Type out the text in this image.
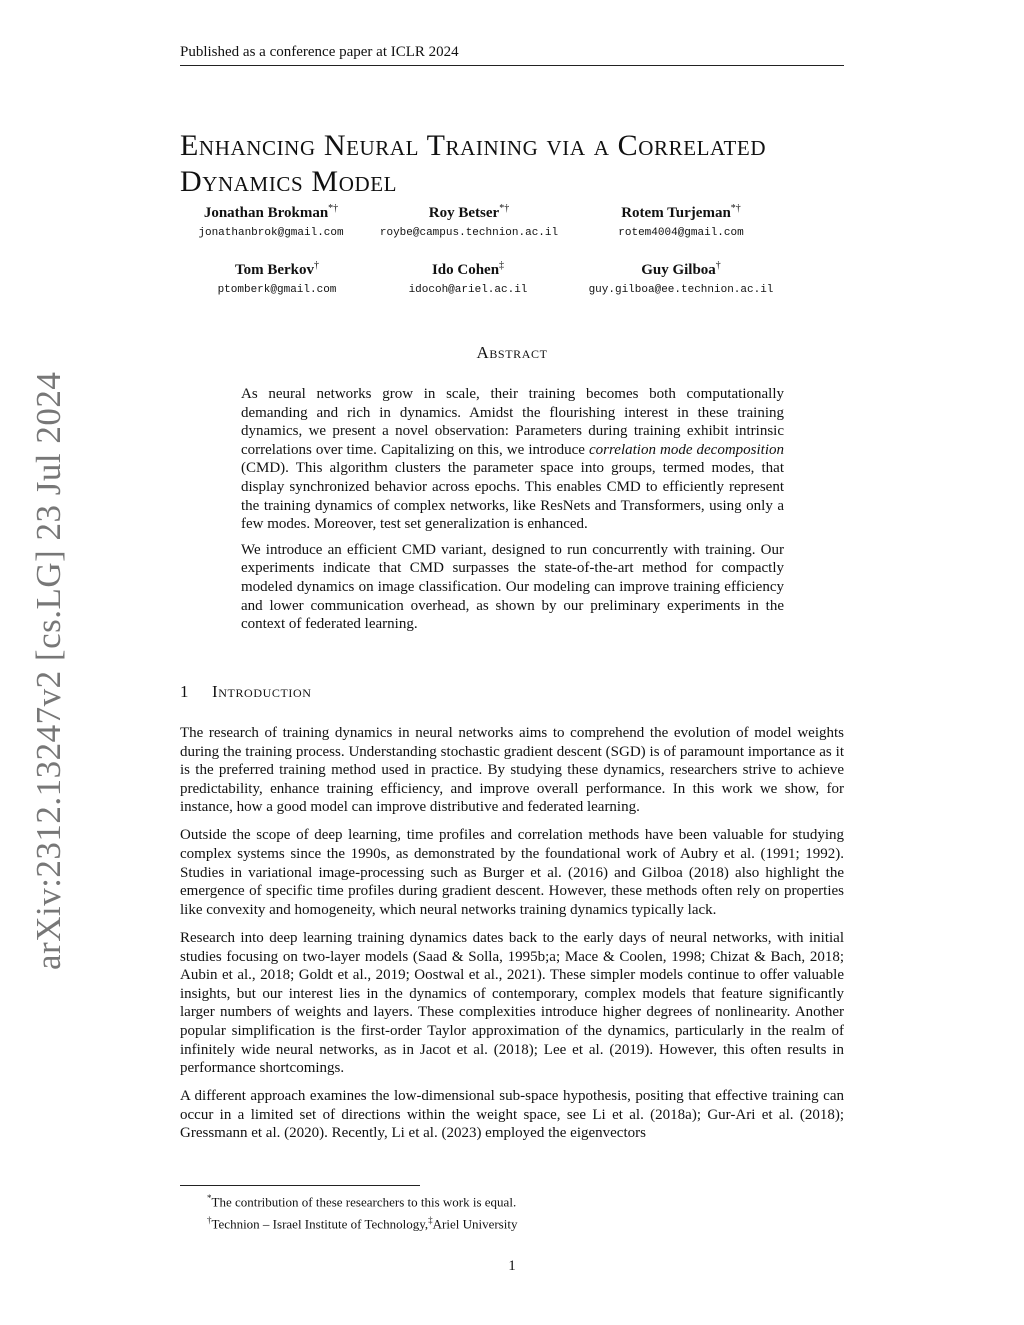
Published as a conference paper at ICLR 2024
arXiv:2312.13247v2 [cs.LG] 23 Jul 2024
Enhancing Neural Training via a Correlated Dynamics Model
Jonathan Brokman*†
jonathanbrok@gmail.com
Roy Betser*†
roybe@campus.technion.ac.il
Rotem Turjeman*†
rotem4004@gmail.com
Tom Berkov†
ptomberk@gmail.com
Ido Cohen‡
idocoh@ariel.ac.il
Guy Gilboa†
guy.gilboa@ee.technion.ac.il
Abstract

As neural networks grow in scale, their training becomes both computationally demanding and rich in dynamics. Amidst the flourishing interest in these training dynamics, we present a novel observation: Parameters during training exhibit intrinsic correlations over time. Capitalizing on this, we introduce correlation mode decomposition (CMD). This algorithm clusters the parameter space into groups, termed modes, that display synchronized behavior across epochs. This enables CMD to efficiently represent the training dynamics of complex networks, like ResNets and Transformers, using only a few modes. Moreover, test set generalization is enhanced.

We introduce an efficient CMD variant, designed to run concurrently with training. Our experiments indicate that CMD surpasses the state-of-the-art method for compactly modeled dynamics on image classification. Our modeling can improve training efficiency and lower communication overhead, as shown by our preliminary experiments in the context of federated learning.

1 Introduction

The research of training dynamics in neural networks aims to comprehend the evolution of model weights during the training process. Understanding stochastic gradient descent (SGD) is of paramount importance as it is the preferred training method used in practice. By studying these dynamics, researchers strive to achieve predictability, enhance training efficiency, and improve overall performance. In this work we show, for instance, how a good model can improve distributive and federated learning.

Outside the scope of deep learning, time profiles and correlation methods have been valuable for studying complex systems since the 1990s, as demonstrated by the foundational work of Aubry et al. (1991; 1992). Studies in variational image-processing such as Burger et al. (2016) and Gilboa (2018) also highlight the emergence of specific time profiles during gradient descent. However, these methods often rely on properties like convexity and homogeneity, which neural networks training dynamics typically lack.

Research into deep learning training dynamics dates back to the early days of neural networks, with initial studies focusing on two-layer models (Saad & Solla, 1995b;a; Mace & Coolen, 1998; Chizat & Bach, 2018; Aubin et al., 2018; Goldt et al., 2019; Oostwal et al., 2021). These simpler models continue to offer valuable insights, but our interest lies in the dynamics of contemporary, complex models that feature significantly larger numbers of weights and layers. These complexities introduce higher degrees of nonlinearity. Another popular simplification is the first-order Taylor approximation of the dynamics, particularly in the realm of infinitely wide neural networks, as in Jacot et al. (2018); Lee et al. (2019). However, this often results in performance shortcomings.

A different approach examines the low-dimensional sub-space hypothesis, positing that effective training can occur in a limited set of directions within the weight space, see Li et al. (2018a); Gur-Ari et al. (2018); Gressmann et al. (2020). Recently, Li et al. (2023) employed the eigenvectors

*The contribution of these researchers to this work is equal.
†Technion – Israel Institute of Technology,‡Ariel University
1
